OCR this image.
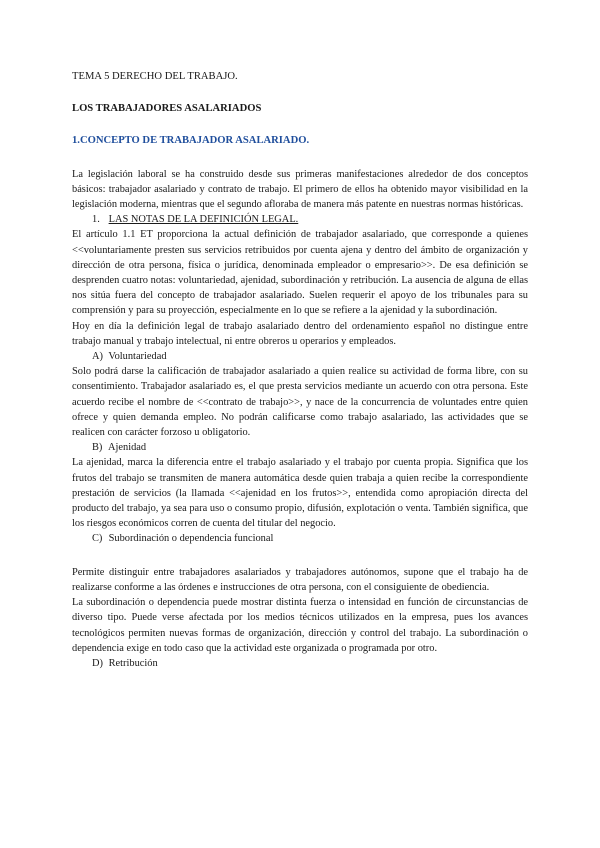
TEMA 5 DERECHO DEL TRABAJO.

LOS TRABAJADORES ASALARIADOS

1.CONCEPTO DE TRABAJADOR ASALARIADO.

La legislación laboral se ha construido desde sus primeras manifestaciones alrededor de dos conceptos básicos: trabajador asalariado y contrato de trabajo. El primero de ellos ha obtenido mayor visibilidad en la legislación moderna, mientras que el segundo afloraba de manera más patente en nuestras normas históricas.

1. LAS NOTAS DE LA DEFINICIÓN LEGAL.

El artículo 1.1 ET proporciona la actual definición de trabajador asalariado, que corresponde a quienes <<voluntariamente presten sus servicios retribuidos por cuenta ajena y dentro del ámbito de organización y dirección de otra persona, física o jurídica, denominada empleador o empresario>>. De esa definición se desprenden cuatro notas: voluntariedad, ajenidad, subordinación y retribución. La ausencia de alguna de ellas nos sitúa fuera del concepto de trabajador asalariado. Suelen requerir el apoyo de los tribunales para su comprensión y para su proyección, especialmente en lo que se refiere a la ajenidad y la subordinación.

Hoy en día la definición legal de trabajo asalariado dentro del ordenamiento español no distingue entre trabajo manual y trabajo intelectual, ni entre obreros u operarios y empleados.

A) Voluntariedad

Solo podrá darse la calificación de trabajador asalariado a quien realice su actividad de forma libre, con su consentimiento. Trabajador asalariado es, el que presta servicios mediante un acuerdo con otra persona. Este acuerdo recibe el nombre de <<contrato de trabajo>>, y nace de la concurrencia de voluntades entre quien ofrece y quien demanda empleo. No podrán calificarse como trabajo asalariado, las actividades que se realicen con carácter forzoso u obligatorio.

B) Ajenidad

La ajenidad, marca la diferencia entre el trabajo asalariado y el trabajo por cuenta propia. Significa que los frutos del trabajo se transmiten de manera automática desde quien trabaja a quien recibe la correspondiente prestación de servicios (la llamada <<ajenidad en los frutos>>, entendida como apropiación directa del producto del trabajo, ya sea para uso o consumo propio, difusión, explotación o venta. También significa, que los riesgos económicos corren de cuenta del titular del negocio.

C) Subordinación o dependencia funcional

Permite distinguir entre trabajadores asalariados y trabajadores autónomos, supone que el trabajo ha de realizarse conforme a las órdenes e instrucciones de otra persona, con el consiguiente de obediencia.

La subordinación o dependencia puede mostrar distinta fuerza o intensidad en función de circunstancias de diverso tipo. Puede verse afectada por los medios técnicos utilizados en la empresa, pues los avances tecnológicos permiten nuevas formas de organización, dirección y control del trabajo. La subordinación o dependencia exige en todo caso que la actividad este organizada o programada por otro.

D) Retribución
